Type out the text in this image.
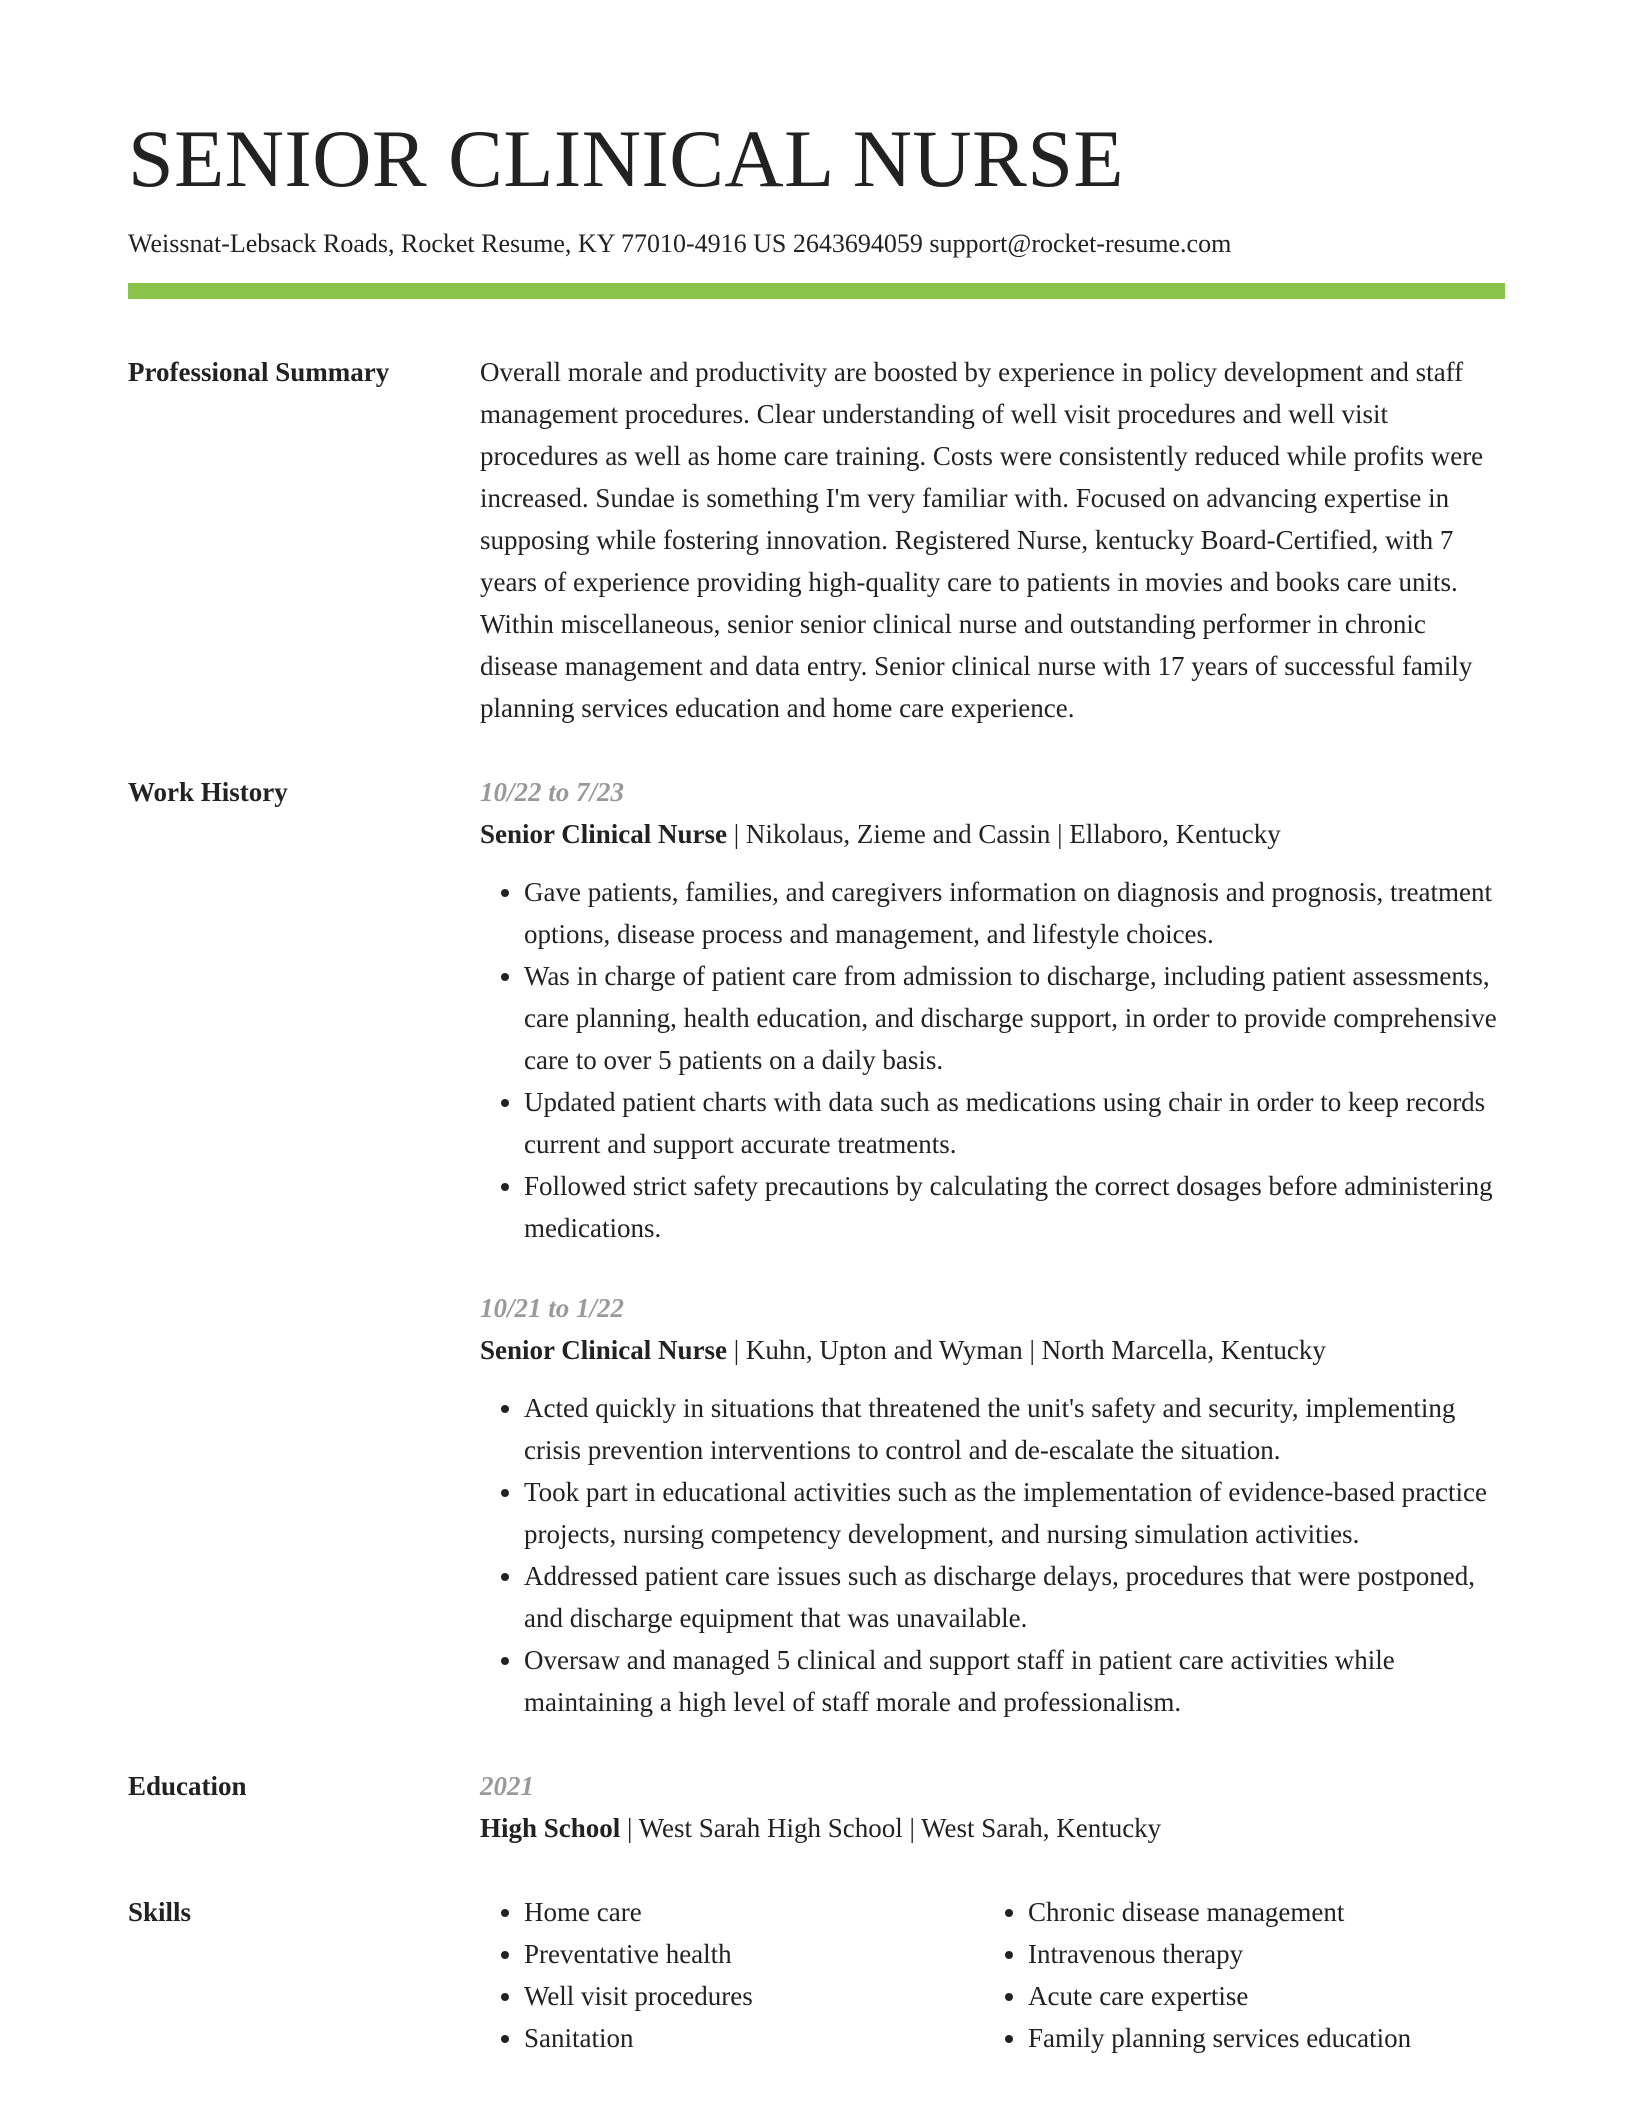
SENIOR CLINICAL NURSE
Weissnat-Lebsack Roads, Rocket Resume, KY 77010-4916 US 2643694059 support@rocket-resume.com
Professional Summary	Overall morale and productivity are boosted by experience in policy development and staff management procedures. Clear understanding of well visit procedures and well visit procedures as well as home care training. Costs were consistently reduced while profits were increased. Sundae is something I'm very familiar with. Focused on advancing expertise in supposing while fostering innovation. Registered Nurse, kentucky Board-Certified, with 7 years of experience providing high-quality care to patients in movies and books care units. Within miscellaneous, senior senior clinical nurse and outstanding performer in chronic disease management and data entry. Senior clinical nurse with 17 years of successful family planning services education and home care experience.
Work History	10/22 to 7/23
Senior Clinical Nurse | Nikolaus, Zieme and Cassin | Ellaboro, Kentucky
• Gave patients, families, and caregivers information on diagnosis and prognosis, treatment options, disease process and management, and lifestyle choices.
• Was in charge of patient care from admission to discharge, including patient assessments, care planning, health education, and discharge support, in order to provide comprehensive care to over 5 patients on a daily basis.
• Updated patient charts with data such as medications using chair in order to keep records current and support accurate treatments.
• Followed strict safety precautions by calculating the correct dosages before administering medications.
10/21 to 1/22
Senior Clinical Nurse | Kuhn, Upton and Wyman | North Marcella, Kentucky
• Acted quickly in situations that threatened the unit's safety and security, implementing crisis prevention interventions to control and de-escalate the situation.
• Took part in educational activities such as the implementation of evidence-based practice projects, nursing competency development, and nursing simulation activities.
• Addressed patient care issues such as discharge delays, procedures that were postponed, and discharge equipment that was unavailable.
• Oversaw and managed 5 clinical and support staff in patient care activities while maintaining a high level of staff morale and professionalism.
Education	2021
High School | West Sarah High School | West Sarah, Kentucky
Skills
•	Home care
• Preventative health
• Well visit procedures
• Sanitation
• Chronic disease management
• Intravenous therapy
• Acute care expertise
• Family planning services education
